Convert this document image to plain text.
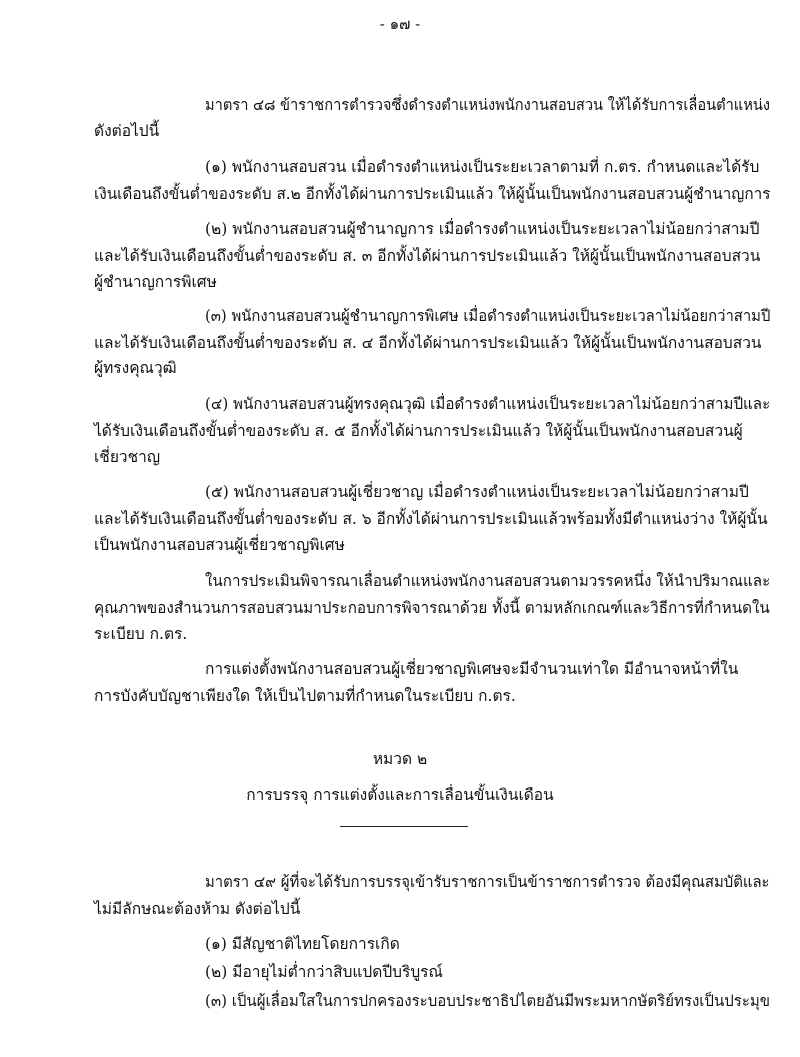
- ๑๗ -
มาตรา ๔๘ ข้าราชการตำรวจซึ่งดำรงตำแหน่งพนักงานสอบสวน ให้ได้รับการเลื่อนตำแหน่ง
ดังต่อไปนี้
(๑) พนักงานสอบสวน เมื่อดำรงตำแหน่งเป็นระยะเวลาตามที่ ก.ตร. กำหนดและได้รับ
เงินเดือนถึงขั้นต่ำของระดับ ส.๒ อีกทั้งได้ผ่านการประเมินแล้ว ให้ผู้นั้นเป็นพนักงานสอบสวนผู้ชำนาญการ
(๒) พนักงานสอบสวนผู้ชำนาญการ เมื่อดำรงตำแหน่งเป็นระยะเวลาไม่น้อยกว่าสามปี
และได้รับเงินเดือนถึงขั้นต่ำของระดับ ส. ๓ อีกทั้งได้ผ่านการประเมินแล้ว ให้ผู้นั้นเป็นพนักงานสอบสวน
ผู้ชำนาญการพิเศษ
(๓) พนักงานสอบสวนผู้ชำนาญการพิเศษ เมื่อดำรงตำแหน่งเป็นระยะเวลาไม่น้อยกว่าสามปี
และได้รับเงินเดือนถึงขั้นต่ำของระดับ ส. ๔ อีกทั้งได้ผ่านการประเมินแล้ว ให้ผู้นั้นเป็นพนักงานสอบสวน
ผู้ทรงคุณวุฒิ
(๔) พนักงานสอบสวนผู้ทรงคุณวุฒิ เมื่อดำรงตำแหน่งเป็นระยะเวลาไม่น้อยกว่าสามปีและ
ได้รับเงินเดือนถึงขั้นต่ำของระดับ ส. ๕ อีกทั้งได้ผ่านการประเมินแล้ว ให้ผู้นั้นเป็นพนักงานสอบสวนผู้
เชี่ยวชาญ
(๕) พนักงานสอบสวนผู้เชี่ยวชาญ เมื่อดำรงตำแหน่งเป็นระยะเวลาไม่น้อยกว่าสามปี
และได้รับเงินเดือนถึงขั้นต่ำของระดับ ส. ๖ อีกทั้งได้ผ่านการประเมินแล้วพร้อมทั้งมีตำแหน่งว่าง ให้ผู้นั้น
เป็นพนักงานสอบสวนผู้เชี่ยวชาญพิเศษ
ในการประเมินพิจารณาเลื่อนตำแหน่งพนักงานสอบสวนตามวรรคหนึ่ง ให้นำปริมาณและ
คุณภาพของสำนวนการสอบสวนมาประกอบการพิจารณาด้วย ทั้งนี้ ตามหลักเกณฑ์และวิธีการที่กำหนดใน
ระเบียบ ก.ตร.
การแต่งตั้งพนักงานสอบสวนผู้เชี่ยวชาญพิเศษจะมีจำนวนเท่าใด มีอำนาจหน้าที่ใน
การบังคับบัญชาเพียงใด ให้เป็นไปตามที่กำหนดในระเบียบ ก.ตร.
หมวด ๒
การบรรจุ การแต่งตั้งและการเลื่อนขั้นเงินเดือน
มาตรา ๔๙ ผู้ที่จะได้รับการบรรจุเข้ารับราชการเป็นข้าราชการตำรวจ ต้องมีคุณสมบัติและ
ไม่มีลักษณะต้องห้าม ดังต่อไปนี้
(๑) มีสัญชาติไทยโดยการเกิด
(๒) มีอายุไม่ต่ำกว่าสิบแปดปีบริบูรณ์
(๓) เป็นผู้เลื่อมใสในการปกครองระบอบประชาธิปไตยอันมีพระมหากษัตริย์ทรงเป็นประมุข
